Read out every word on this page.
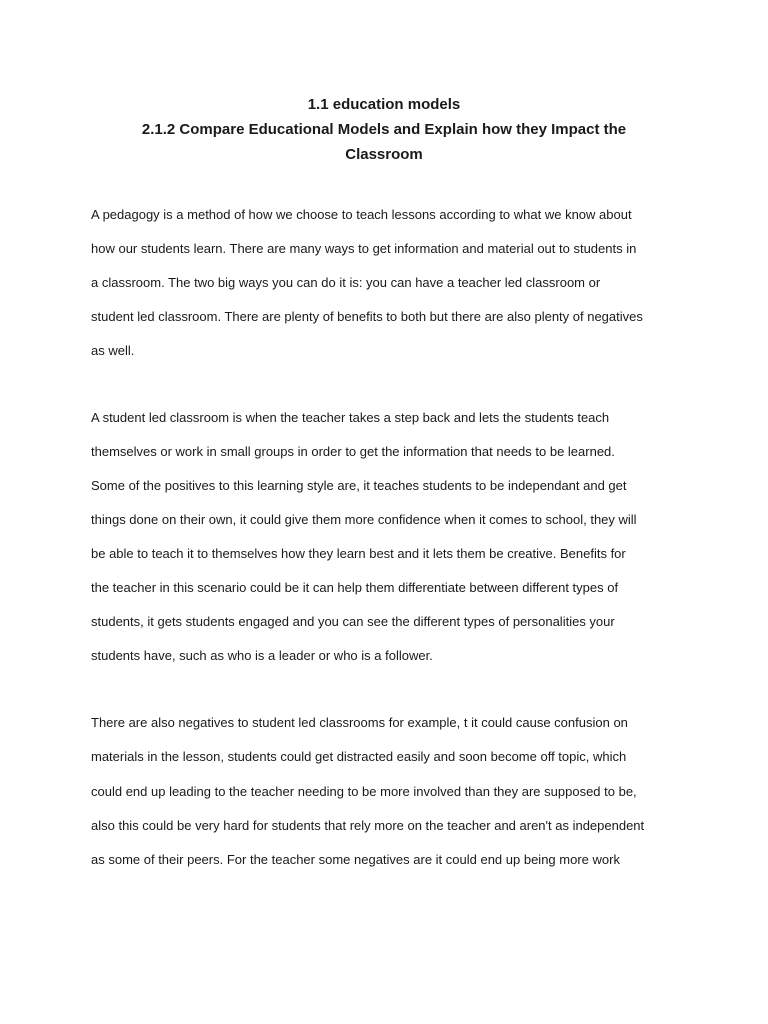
1.1 education models
2.1.2 Compare Educational Models and Explain how they Impact the
Classroom

A pedagogy is a method of how we choose to teach lessons according to what we know about

how our students learn. There are many ways to get information and material out to students in

a classroom. The two big ways you can do it is: you can have a teacher led classroom or

student led classroom. There are plenty of benefits to both but there are also plenty of negatives

as well.

A student led classroom is when the teacher takes a step back and lets the students teach

themselves or work in small groups in order to get the information that needs to be learned.

Some of the positives to this learning style are, it teaches students to be independant and get

things done on their own, it could give them more confidence when it comes to school, they will

be able to teach it to themselves how they learn best and it lets them be creative. Benefits for

the teacher in this scenario could be it can help them differentiate between different types of

students, it gets students engaged and you can see the different types of personalities your

students have, such as who is a leader or who is a follower.

There are also negatives to student led classrooms for example, t it could cause confusion on

materials in the lesson, students could get distracted easily and soon become off topic, which

could end up leading to the teacher needing to be more involved than they are supposed to be,

also this could be very hard for students that rely more on the teacher and aren't as independent

as some of their peers. For the teacher some negatives are it could end up being more work
